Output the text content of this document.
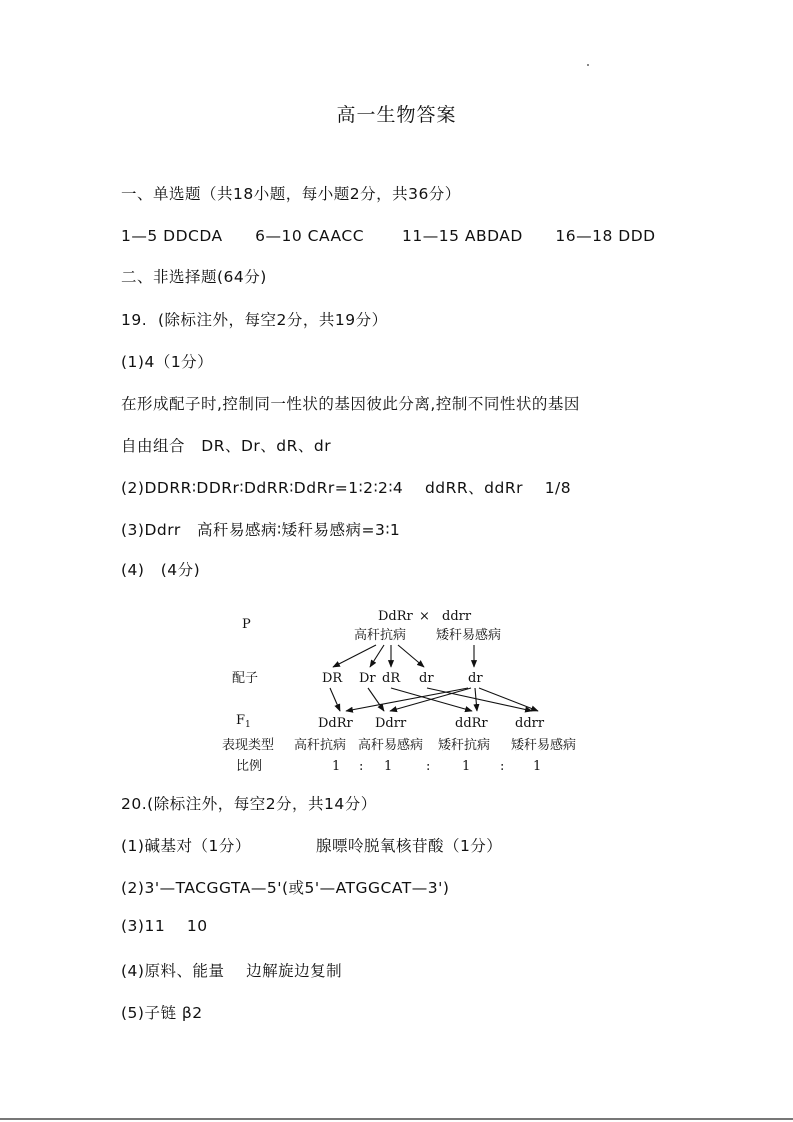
高一生物答案
一、单选题（共18小题，每小题2分，共36分）
1—5 DDCDA      6—10 CAACC       11—15 ABDAD      16—18 DDD
二、非选择题(64分)
19.  (除标注外，每空2分，共19分）
(1)4（1分）
在形成配子时,控制同一性状的基因彼此分离,控制不同性状的基因
自由组合   DR、Dr、dR、dr
(2)DDRR∶DDRr∶DdRR∶DdRr=1∶2∶2∶4    ddRR、ddRr    1/8
(3)Ddrr   高秆易感病∶矮秆易感病=3∶1
(4)   (4分)
P
DdRr × ddrr
高秆抗病 矮秆易感病
配子	DR Dr dR dr	dr
$F_1$	DdRr Ddrr	ddRr ddrr
表现类型 高秆抗病 高秆易感病 矮秆抗病 矮秆易感病
比例	1 : 1	: 1 : 1
20.(除标注外，每空2分，共14分）
(1)碱基对（1分）            腺嘌呤脱氧核苷酸（1分）
(2)3'—TACGGTA—5'(或5'—ATGGCAT—3')
(3)11    10
(4)原料、能量    边解旋边复制
(5)子链 β2
